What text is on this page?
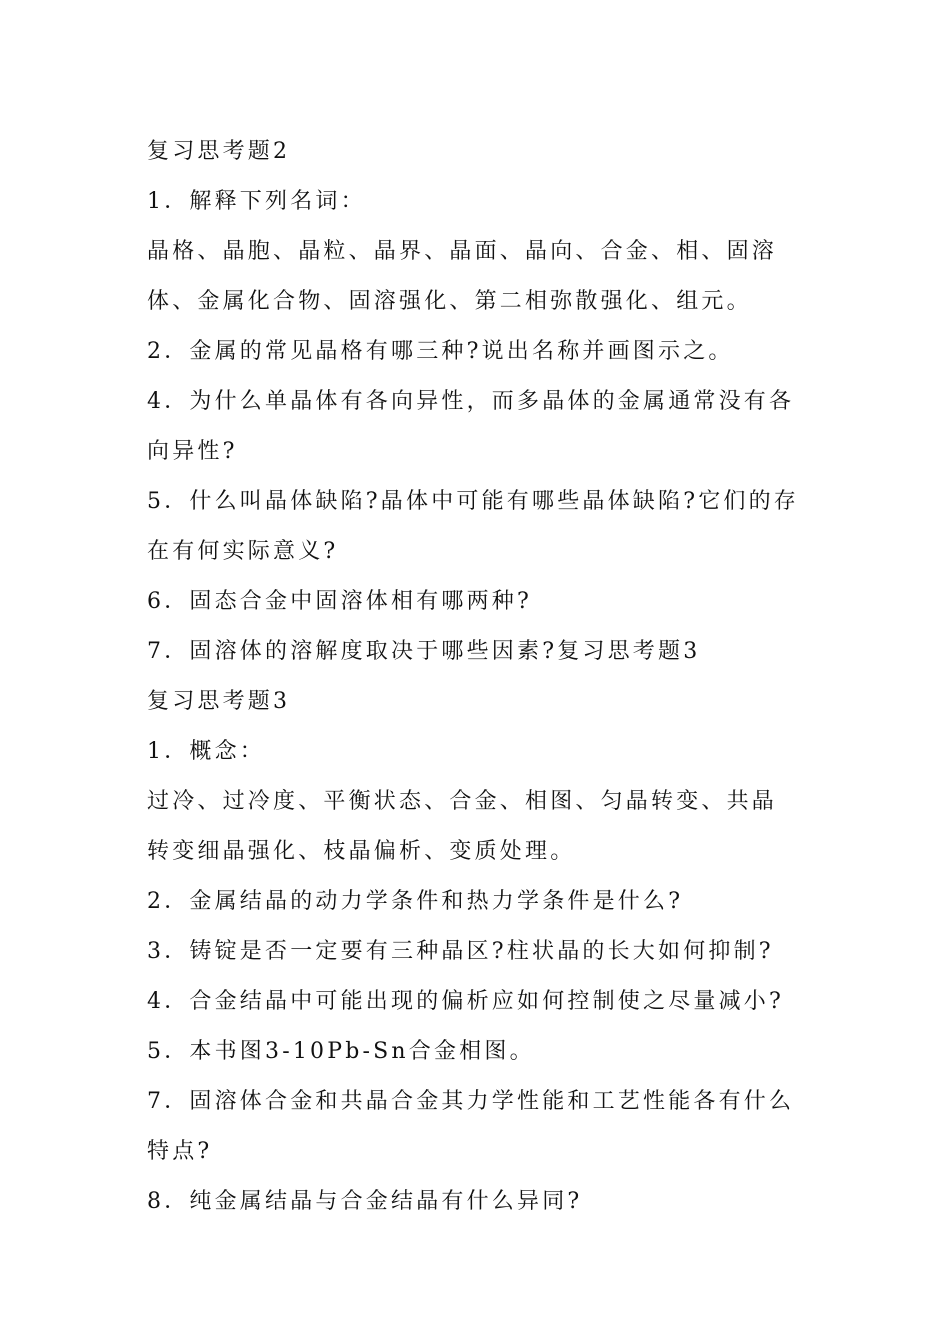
复习思考题2
1．解释下列名词：
晶格、晶胞、晶粒、晶界、晶面、晶向、合金、相、固溶
体、金属化合物、固溶强化、第二相弥散强化、组元。
2．金属的常见晶格有哪三种?说出名称并画图示之。
4．为什么单晶体有各向异性，而多晶体的金属通常没有各
向异性?
5．什么叫晶体缺陷?晶体中可能有哪些晶体缺陷?它们的存
在有何实际意义?
6．固态合金中固溶体相有哪两种?
7．固溶体的溶解度取决于哪些因素?复习思考题3
复习思考题3
1．概念：
过冷、过冷度、平衡状态、合金、相图、匀晶转变、共晶
转变细晶强化、枝晶偏析、变质处理。
2．金属结晶的动力学条件和热力学条件是什么?
3．铸锭是否一定要有三种晶区?柱状晶的长大如何抑制?
4．合金结晶中可能出现的偏析应如何控制使之尽量减小?
5．本书图3-10Pb-Sn合金相图。
7．固溶体合金和共晶合金其力学性能和工艺性能各有什么
特点?
8．纯金属结晶与合金结晶有什么异同?
